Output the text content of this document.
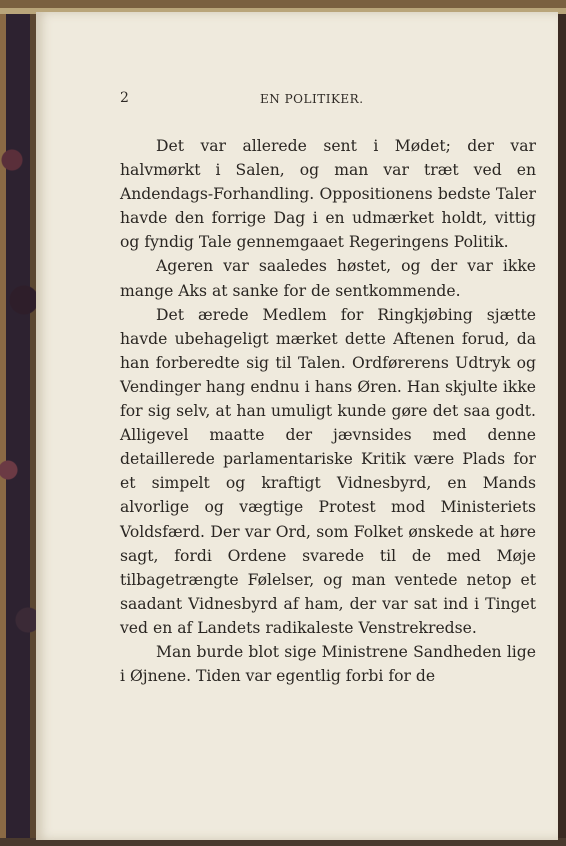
2	EN POLITIKER.

Det var allerede sent i Mødet; der var halvmørkt i Salen, og man var træt ved en Andendags-Forhandling. Oppositionens bedste Taler havde den forrige Dag i en udmærket holdt, vittig og fyndig Tale gennemgaaet Regeringens Politik.

Ageren var saaledes høstet, og der var ikke mange Aks at sanke for de sentkommende.

Det ærede Medlem for Ringkjøbing sjætte havde ubehageligt mærket dette Aftenen forud, da han forberedte sig til Talen. Ordførerens Udtryk og Vendinger hang endnu i hans Øren. Han skjulte ikke for sig selv, at han umuligt kunde gøre det saa godt. Alligevel maatte der jævnsides med denne detaillerede parlamentariske Kritik være Plads for et simpelt og kraftigt Vidnesbyrd, en Mands alvorlige og vægtige Protest mod Ministeriets Voldsfærd. Der var Ord, som Folket ønskede at høre sagt, fordi Ordene svarede til de med Møje tilbagetrængte Følelser, og man ventede netop et saadant Vidnesbyrd af ham, der var sat ind i Tinget ved en af Landets radikaleste Venstrekredse.

Man burde blot sige Ministrene Sandheden lige i Øjnene. Tiden var egentlig forbi for de
